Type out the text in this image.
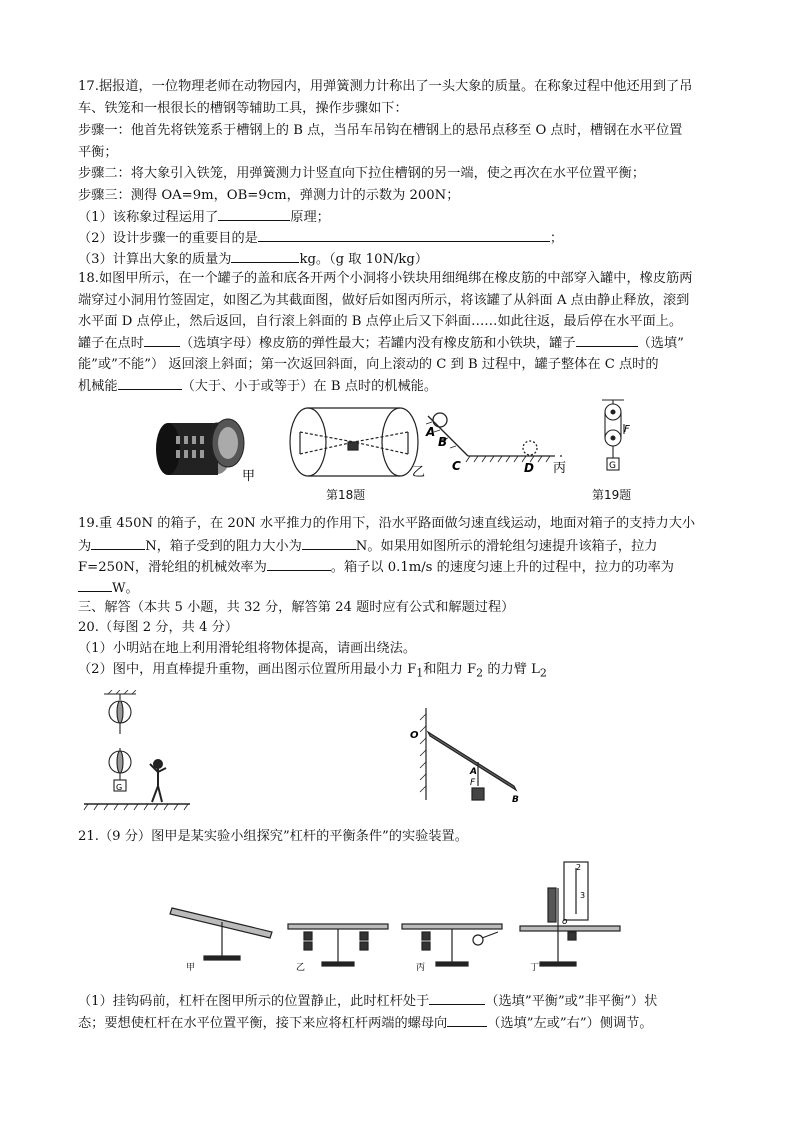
17.据报道，一位物理老师在动物园内，用弹簧测力计称出了一头大象的质量。在称象过程中他还用到了吊
车、铁笼和一根很长的槽钢等辅助工具，操作步骤如下：
步骤一：他首先将铁笼系于槽钢上的 B 点，当吊车吊钩在槽钢上的悬吊点移至 O 点时，槽钢在水平位置
平衡；
步骤二：将大象引入铁笼，用弹簧测力计竖直向下拉住槽钢的另一端，使之再次在水平位置平衡；
步骤三：测得 OA=9m，OB=9cm，弹测力计的示数为 200N；
（1）该称象过程运用了	原理；
（2）设计步骤一的重要目的是	；
（3）计算出大象的质量为	kg。（g 取 10N/kg）
18.如图甲所示，在一个罐子的盖和底各开两个小洞将小铁块用细绳绑在橡皮筋的中部穿入罐中，橡皮筋两
端穿过小洞用竹签固定，如图乙为其截面图，做好后如图丙所示，将该罐了从斜面 A 点由静止释放，滚到
水平面 D 点停止，然后返回，自行滚上斜面的 B 点停止后又下斜面……如此往返，最后停在水平面上。
罐子在点时	（选填字母）橡皮筋的弹性最大；若罐内没有橡皮筋和小铁块，罐子	（选填”
能”或”不能”） 返回滚上斜面；第一次返回斜面，向上滚动的 C 到 B 过程中，罐子整体在 C 点时的
机械能	（大于、小于或等于）在 B 点时的机械能。
甲	乙
A
B
C	D 丙
F
G
第18题	第19题
19.重 450N 的箱子，在 20N 水平推力的作用下，沿水平路面做匀速直线运动，地面对箱子的支持力大小
为	N，箱子受到的阻力大小为	N。如果用如图所示的滑轮组匀速提升该箱子，拉力
F=250N，滑轮组的机械效率为	。箱子以 0.1m/s 的速度匀速上升的过程中，拉力的功率为
W。
三、解答（本共 5 小题，共 32 分，解答第 24 题时应有公式和解题过程）
20.（每图 2 分，共 4 分）
（1）小明站在地上利用滑轮组将物体提高，请画出绕法。
（2）图中，用直棒提升重物，画出图示位置所用最小力 $F_1$和阻力 $F_2$ 的力臂 $L_2$
G
O
A
F
B
21.（9 分）图甲是某实验小组探究”杠杆的平衡条件”的实验装置。
2
3
o
甲	乙	丙	丁
（1）挂钩码前，杠杆在图甲所示的位置静止，此时杠杆处于	（选填”平衡”或”非平衡”）状
态；要想使杠杆在水平位置平衡，接下来应将杠杆两端的螺母向	（选填”左或”右”）侧调节。
